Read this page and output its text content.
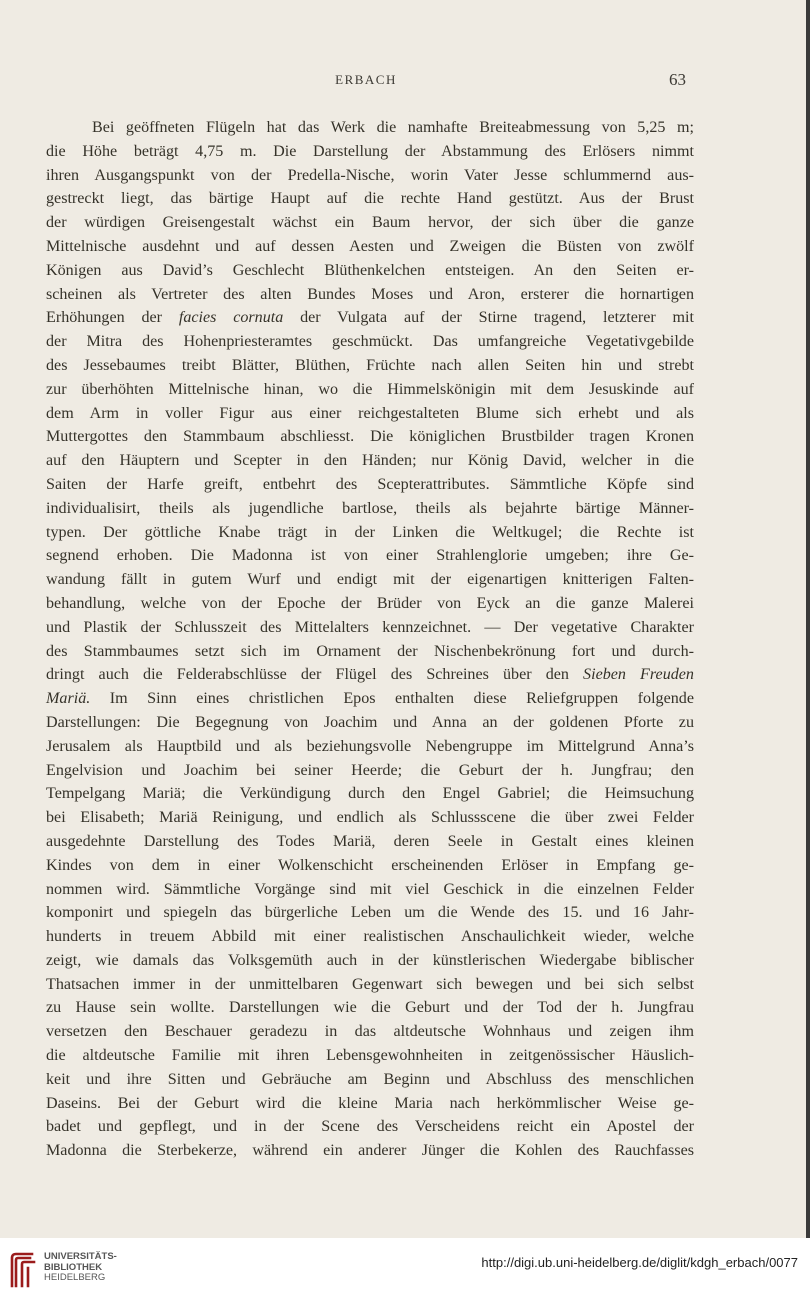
ERBACH	63
Bei geöffneten Flügeln hat das Werk die namhafte Breiteabmessung von 5,25 m;
die Höhe beträgt 4,75 m. Die Darstellung der Abstammung des Erlösers nimmt
ihren Ausgangspunkt von der Predella-Nische, worin Vater Jesse schlummernd aus-
gestreckt liegt, das bärtige Haupt auf die rechte Hand gestützt. Aus der Brust
der würdigen Greisengestalt wächst ein Baum hervor, der sich über die ganze
Mittelnische ausdehnt und auf dessen Aesten und Zweigen die Büsten von zwölf
Königen aus David’s Geschlecht Blüthenkelchen entsteigen. An den Seiten er-
scheinen als Vertreter des alten Bundes Moses und Aron, ersterer die hornartigen
Erhöhungen der facies cornuta der Vulgata auf der Stirne tragend, letzterer mit
der Mitra des Hohenpriesteramtes geschmückt. Das umfangreiche Vegetativgebilde
des Jessebaumes treibt Blätter, Blüthen, Früchte nach allen Seiten hin und strebt
zur überhöhten Mittelnische hinan, wo die Himmelskönigin mit dem Jesuskinde auf
dem Arm in voller Figur aus einer reichgestalteten Blume sich erhebt und als
Muttergottes den Stammbaum abschliesst. Die königlichen Brustbilder tragen Kronen
auf den Häuptern und Scepter in den Händen; nur König David, welcher in die
Saiten der Harfe greift, entbehrt des Scepterattributes. Sämmtliche Köpfe sind
individualisirt, theils als jugendliche bartlose, theils als bejahrte bärtige Männer-
typen. Der göttliche Knabe trägt in der Linken die Weltkugel; die Rechte ist
segnend erhoben. Die Madonna ist von einer Strahlenglorie umgeben; ihre Ge-
wandung fällt in gutem Wurf und endigt mit der eigenartigen knitterigen Falten-
behandlung, welche von der Epoche der Brüder von Eyck an die ganze Malerei
und Plastik der Schlusszeit des Mittelalters kennzeichnet. — Der vegetative Charakter
des Stammbaumes setzt sich im Ornament der Nischenbekrönung fort und durch-
dringt auch die Felderabschlüsse der Flügel des Schreines über den Sieben Freuden
Mariä. Im Sinn eines christlichen Epos enthalten diese Reliefgruppen folgende
Darstellungen: Die Begegnung von Joachim und Anna an der goldenen Pforte zu
Jerusalem als Hauptbild und als beziehungsvolle Nebengruppe im Mittelgrund Anna’s
Engelvision und Joachim bei seiner Heerde; die Geburt der h. Jungfrau; den
Tempelgang Mariä; die Verkündigung durch den Engel Gabriel; die Heimsuchung
bei Elisabeth; Mariä Reinigung, und endlich als Schlussscene die über zwei Felder
ausgedehnte Darstellung des Todes Mariä, deren Seele in Gestalt eines kleinen
Kindes von dem in einer Wolkenschicht erscheinenden Erlöser in Empfang ge-
nommen wird. Sämmtliche Vorgänge sind mit viel Geschick in die einzelnen Felder
komponirt und spiegeln das bürgerliche Leben um die Wende des 15. und 16 Jahr-
hunderts in treuem Abbild mit einer realistischen Anschaulichkeit wieder, welche
zeigt, wie damals das Volksgemüth auch in der künstlerischen Wiedergabe biblischer
Thatsachen immer in der unmittelbaren Gegenwart sich bewegen und bei sich selbst
zu Hause sein wollte. Darstellungen wie die Geburt und der Tod der h. Jungfrau
versetzen den Beschauer geradezu in das altdeutsche Wohnhaus und zeigen ihm
die altdeutsche Familie mit ihren Lebensgewohnheiten in zeitgenössischer Häuslich-
keit und ihre Sitten und Gebräuche am Beginn und Abschluss des menschlichen
Daseins. Bei der Geburt wird die kleine Maria nach herkömmlischer Weise ge-
badet und gepflegt, und in der Scene des Verscheidens reicht ein Apostel der
Madonna die Sterbekerze, während ein anderer Jünger die Kohlen des Rauchfasses
UNIVERSITÄTS-
BIBLIOTHEK
HEIDELBERG
http://digi.ub.uni-heidelberg.de/diglit/kdgh_erbach/0077
